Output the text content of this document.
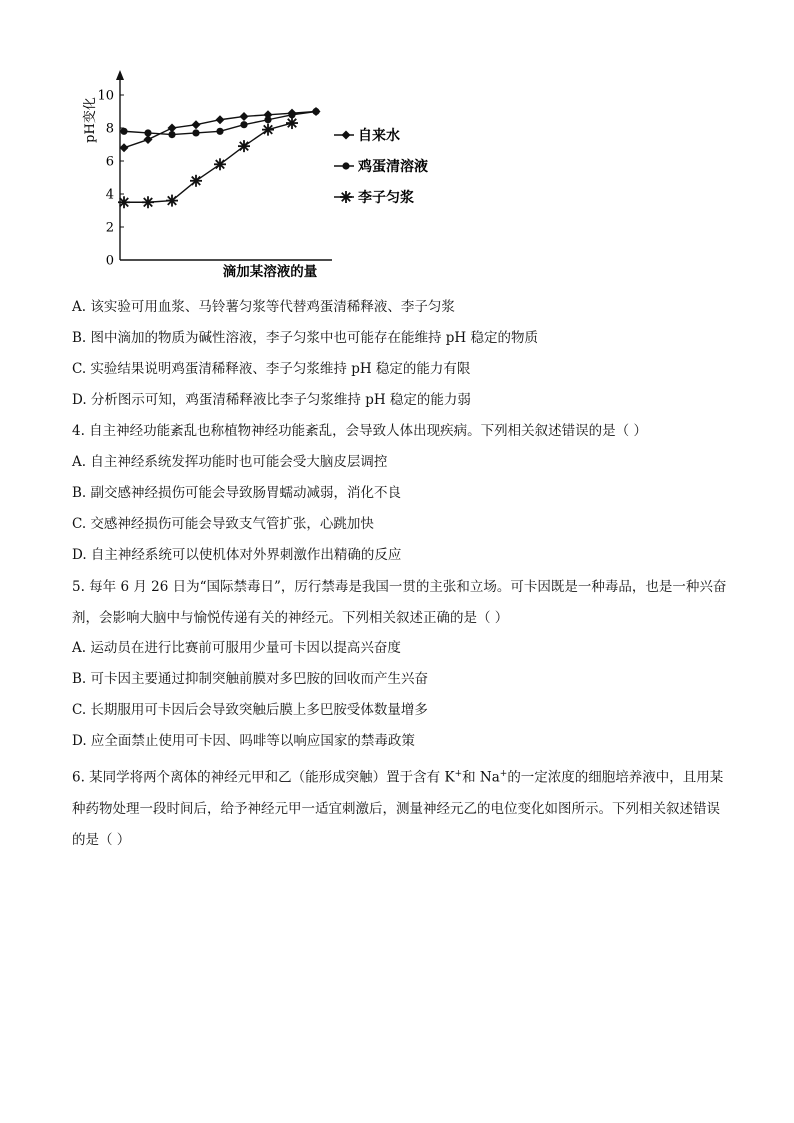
pH变化
滴加某溶液的量
0
2
4
6
8
10
自来水
鸡蛋清溶液
李子匀浆
A. 该实验可用血浆、马铃薯匀浆等代替鸡蛋清稀释液、李子匀浆
B. 图中滴加的物质为碱性溶液，李子匀浆中也可能存在能维持 pH 稳定的物质
C. 实验结果说明鸡蛋清稀释液、李子匀浆维持 pH 稳定的能力有限
D. 分析图示可知，鸡蛋清稀释液比李子匀浆维持 pH 稳定的能力弱
4. 自主神经功能紊乱也称植物神经功能紊乱，会导致人体出现疾病。下列相关叙述错误的是（ ）
A. 自主神经系统发挥功能时也可能会受大脑皮层调控
B. 副交感神经损伤可能会导致肠胃蠕动减弱，消化不良
C. 交感神经损伤可能会导致支气管扩张，心跳加快
D. 自主神经系统可以使机体对外界刺激作出精确的反应
5. 每年 6 月 26 日为“国际禁毒日”，厉行禁毒是我国一贯的主张和立场。可卡因既是一种毒品，也是一种兴奋剂，会影响大脑中与愉悦传递有关的神经元。下列相关叙述正确的是（ ）
A. 运动员在进行比赛前可服用少量可卡因以提高兴奋度
B. 可卡因主要通过抑制突触前膜对多巴胺的回收而产生兴奋
C. 长期服用可卡因后会导致突触后膜上多巴胺受体数量增多
D. 应全面禁止使用可卡因、吗啡等以响应国家的禁毒政策
6. 某同学将两个离体的神经元甲和乙（能形成突触）置于含有 K+和 Na+的一定浓度的细胞培养液中，且用某种药物处理一段时间后，给予神经元甲一适宜刺激后，测量神经元乙的电位变化如图所示。下列相关叙述错误的是（ ）
